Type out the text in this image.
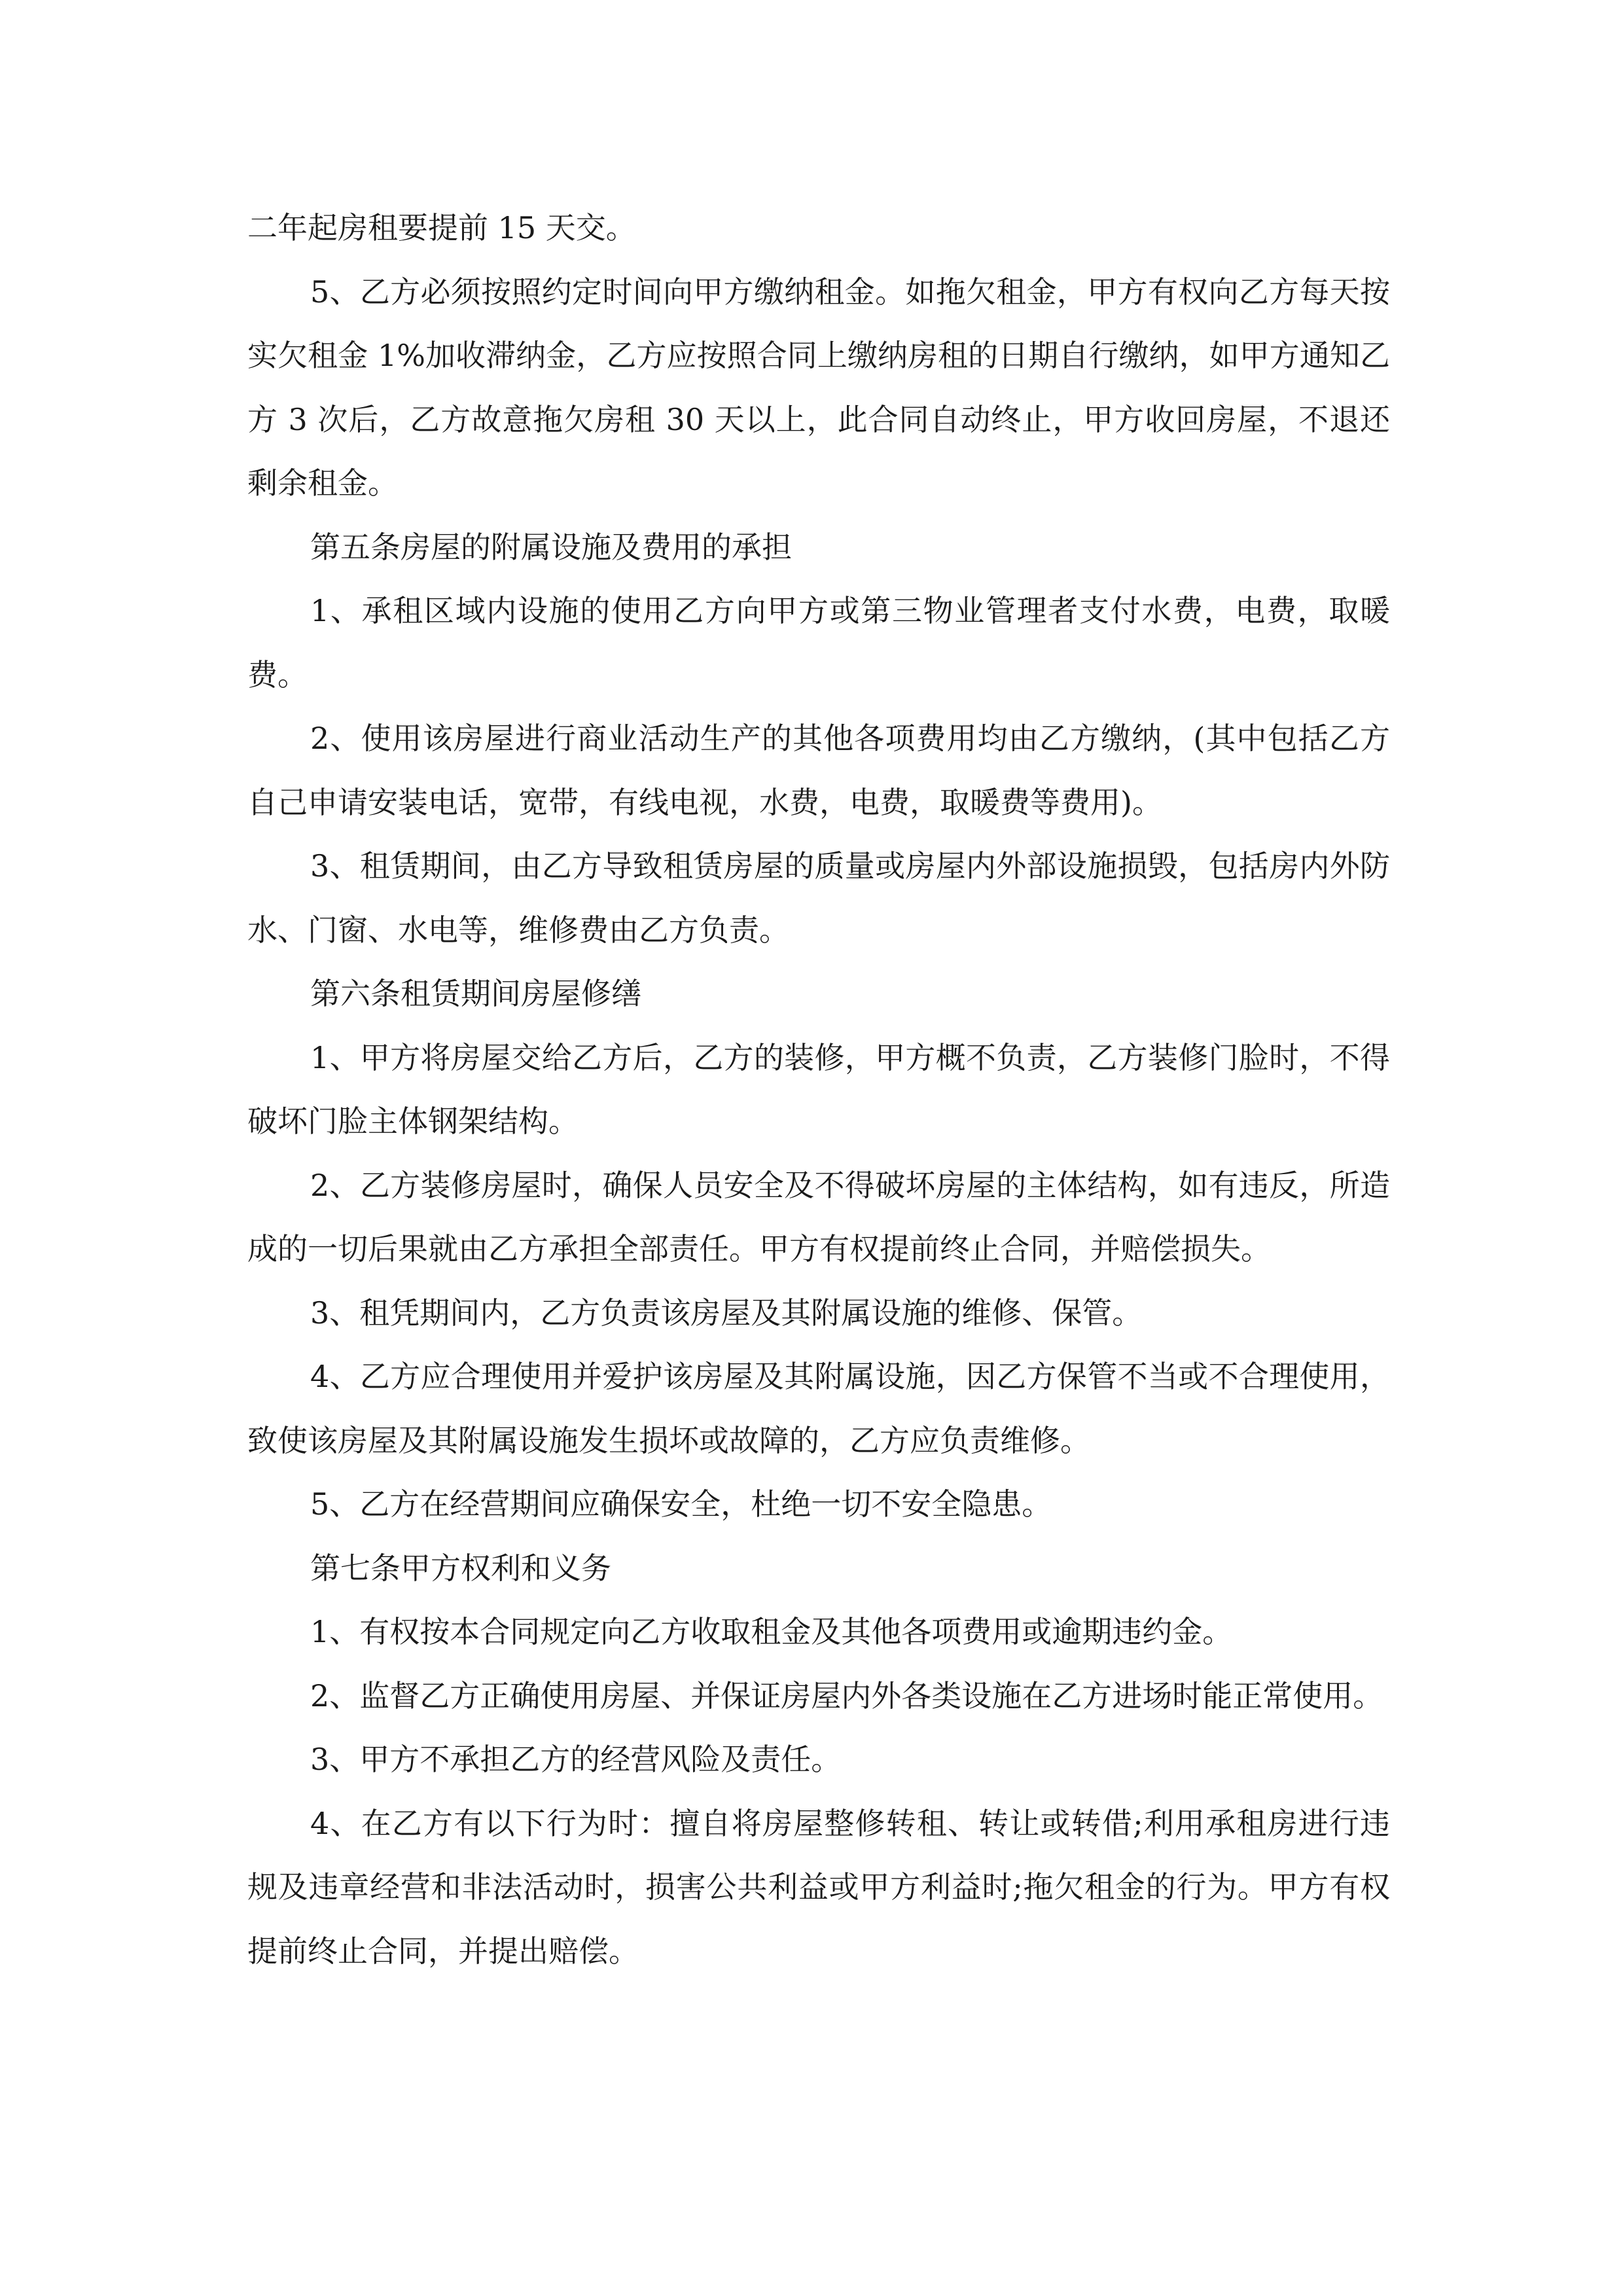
二年起房租要提前 15 天交。

5、乙方必须按照约定时间向甲方缴纳租金。如拖欠租金，甲方有权向乙方每天按实欠租金 1%加收滞纳金，乙方应按照合同上缴纳房租的日期自行缴纳，如甲方通知乙方 3 次后，乙方故意拖欠房租 30 天以上，此合同自动终止，甲方收回房屋，不退还剩余租金。

第五条房屋的附属设施及费用的承担

1、承租区域内设施的使用乙方向甲方或第三物业管理者支付水费，电费，取暖费。

2、使用该房屋进行商业活动生产的其他各项费用均由乙方缴纳，(其中包括乙方自己申请安装电话，宽带，有线电视，水费，电费，取暖费等费用)。

3、租赁期间，由乙方导致租赁房屋的质量或房屋内外部设施损毁，包括房内外防水、门窗、水电等，维修费由乙方负责。

第六条租赁期间房屋修缮

1、甲方将房屋交给乙方后，乙方的装修，甲方概不负责，乙方装修门脸时，不得破坏门脸主体钢架结构。

2、乙方装修房屋时，确保人员安全及不得破坏房屋的主体结构，如有违反，所造成的一切后果就由乙方承担全部责任。甲方有权提前终止合同，并赔偿损失。

3、租凭期间内，乙方负责该房屋及其附属设施的维修、保管。

4、乙方应合理使用并爱护该房屋及其附属设施，因乙方保管不当或不合理使用，致使该房屋及其附属设施发生损坏或故障的，乙方应负责维修。

5、乙方在经营期间应确保安全，杜绝一切不安全隐患。

第七条甲方权利和义务

1、有权按本合同规定向乙方收取租金及其他各项费用或逾期违约金。

2、监督乙方正确使用房屋、并保证房屋内外各类设施在乙方进场时能正常使用。

3、甲方不承担乙方的经营风险及责任。

4、在乙方有以下行为时：擅自将房屋整修转租、转让或转借;利用承租房进行违规及违章经营和非法活动时，损害公共利益或甲方利益时;拖欠租金的行为。甲方有权提前终止合同，并提出赔偿。
